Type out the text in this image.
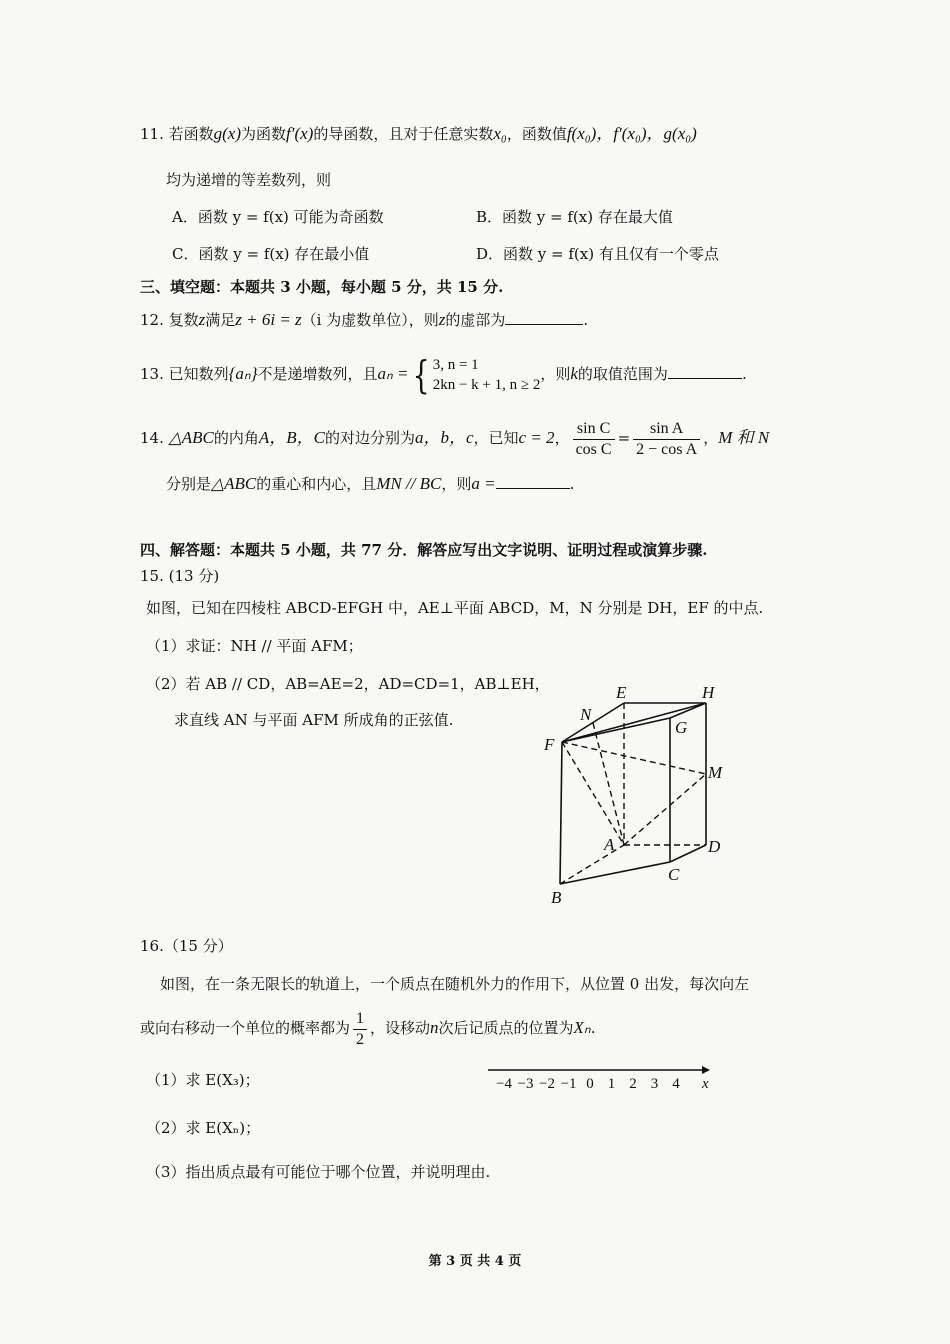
11. 若函数g(x)为函数f′(x)的导函数，且对于任意实数x₀，函数值f(x₀)，f′(x₀)，g(x₀)
均为递增的等差数列，则
A．函数 y = f(x) 可能为奇函数	B．函数 y = f(x) 存在最大值
C．函数 y = f(x) 存在最小值	D．函数 y = f(x) 有且仅有一个零点
三、填空题：本题共 3 小题，每小题 5 分，共 15 分.
12. 复数z满足z + 6i = z（i 为虚数单位），则z的虚部为	.
13. 已知数列{aₙ}不是递增数列，且aₙ ={ 3, n = 1
2kn − k + 1, n ≥ 2
，则k的取值范围为	.
14. △ABC的内角A，B，C的对边分别为a，b，c，已知c = 2， $\frac{\text{sin C}}{\text{cos C}} = \frac{\text{sin A}}{\text{2 − cos A}}$ ，M 和 N
分别是△ABC的重心和内心，且MN // BC，则a =	.
四、解答题：本题共 5 小题，共 77 分．解答应写出文字说明、证明过程或演算步骤.
15. (13 分)
如图，已知在四棱柱 ABCD-EFGH 中，AE⊥平面 ABCD，M，N 分别是 DH，EF 的中点.
（1）求证：NH // 平面 AFM；
（2）若 AB // CD，AB=AE=2，AD=CD=1，AB⊥EH，
求直线 AN 与平面 AFM 所成角的正弦值.
E	H
N
G
F
M
A	D
C
B
16.（15 分）
如图，在一条无限长的轨道上，一个质点在随机外力的作用下，从位置 0 出发，每次向左
或向右移动一个单位的概率都为 $\frac{1}{2}$ ，设移动n次后记质点的位置为Xₙ.
（1）求 E(X₃)；
（2）求 E(Xₙ)；
（3）指出质点最有可能位于哪个位置，并说明理由.
−4 −3 −2 −1 0 1 2 3 4 x
第 3 页 共 4 页
